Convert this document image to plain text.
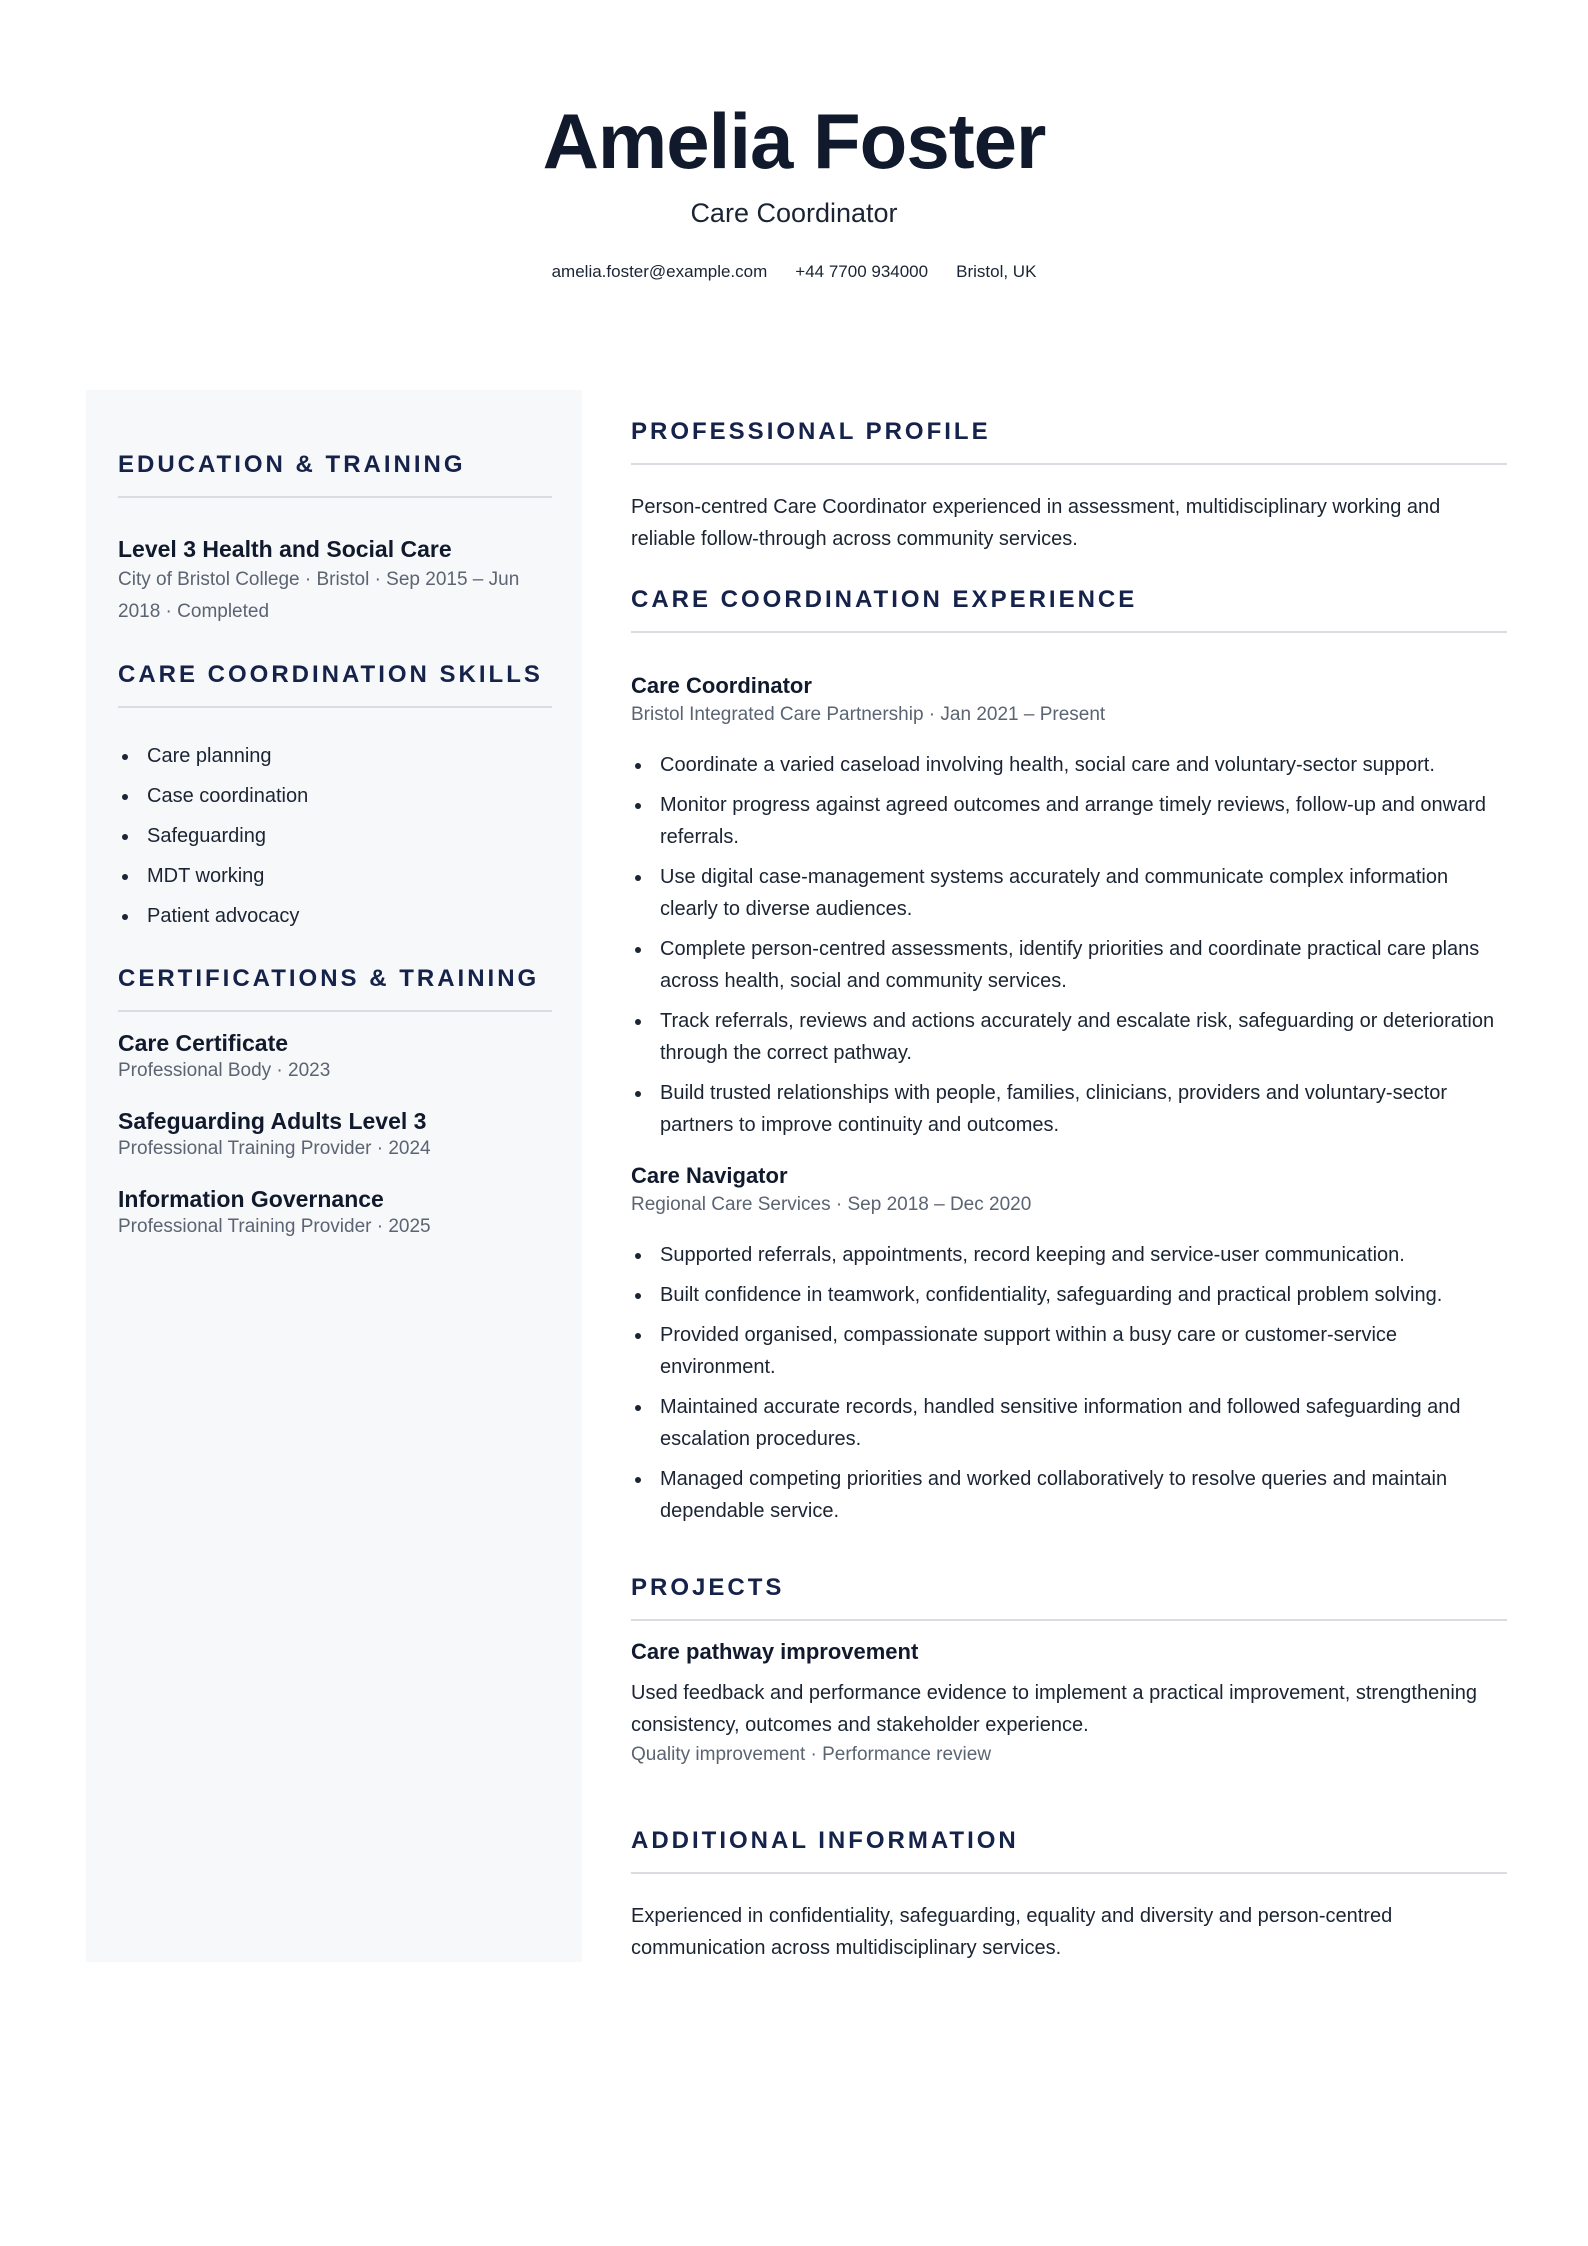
Amelia Foster
Care Coordinator
amelia.foster@example.com +44 7700 934000 Bristol, UK
EDUCATION & TRAINING
Level 3 Health and Social Care
City of Bristol College · Bristol · Sep 2015 – Jun 2018 · Completed
CARE COORDINATION SKILLS
Care planning
Case coordination
Safeguarding
MDT working
Patient advocacy
CERTIFICATIONS & TRAINING
Care Certificate
Professional Body · 2023
Safeguarding Adults Level 3
Professional Training Provider · 2024
Information Governance
Professional Training Provider · 2025
PROFESSIONAL PROFILE
Person-centred Care Coordinator experienced in assessment, multidisciplinary working and reliable follow-through across community services.
CARE COORDINATION EXPERIENCE
Care Coordinator
Bristol Integrated Care Partnership · Jan 2021 – Present
Coordinate a varied caseload involving health, social care and voluntary-sector support.
Monitor progress against agreed outcomes and arrange timely reviews, follow-up and onward referrals.
Use digital case-management systems accurately and communicate complex information clearly to diverse audiences.
Complete person-centred assessments, identify priorities and coordinate practical care plans across health, social and community services.
Track referrals, reviews and actions accurately and escalate risk, safeguarding or deterioration through the correct pathway.
Build trusted relationships with people, families, clinicians, providers and voluntary-sector partners to improve continuity and outcomes.
Care Navigator
Regional Care Services · Sep 2018 – Dec 2020
Supported referrals, appointments, record keeping and service-user communication.
Built confidence in teamwork, confidentiality, safeguarding and practical problem solving.
Provided organised, compassionate support within a busy care or customer-service environment.
Maintained accurate records, handled sensitive information and followed safeguarding and escalation procedures.
Managed competing priorities and worked collaboratively to resolve queries and maintain dependable service.
PROJECTS
Care pathway improvement
Used feedback and performance evidence to implement a practical improvement, strengthening consistency, outcomes and stakeholder experience.
Quality improvement · Performance review
ADDITIONAL INFORMATION
Experienced in confidentiality, safeguarding, equality and diversity and person-centred communication across multidisciplinary services.
